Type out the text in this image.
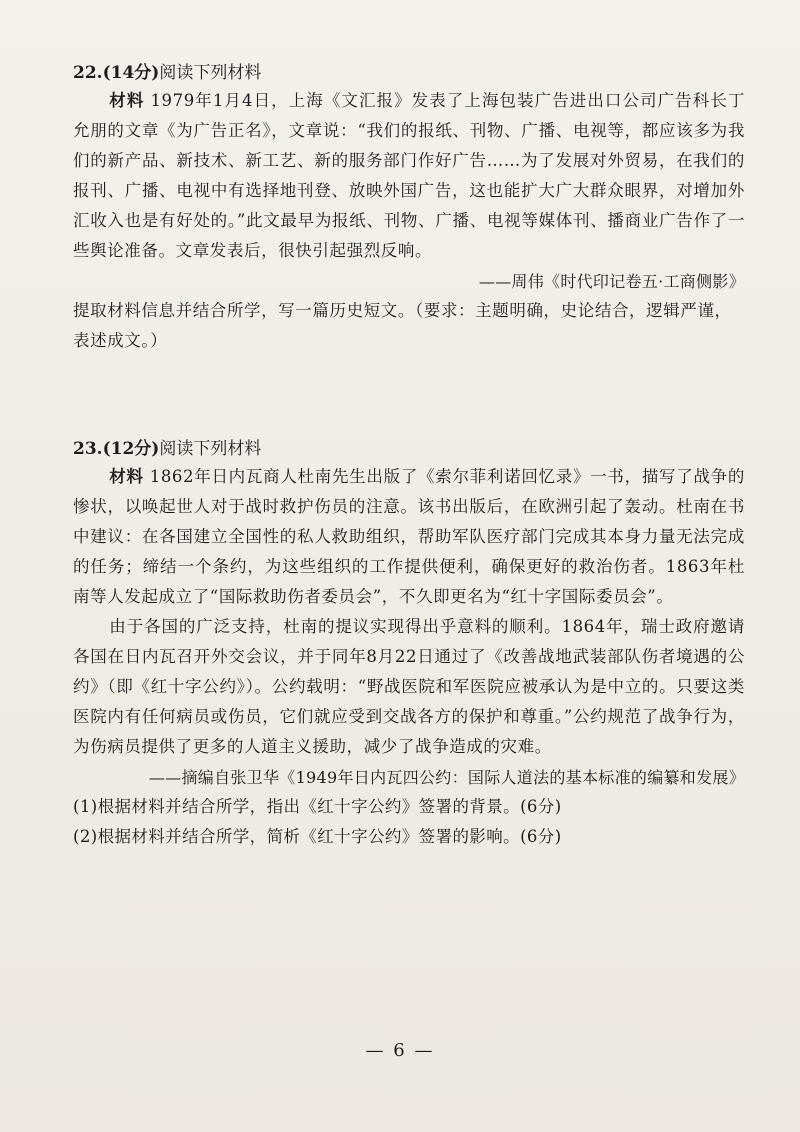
22.(14分)阅读下列材料

材料 1979年1月4日，上海《文汇报》发表了上海包装广告进出口公司广告科长丁允朋的文章《为广告正名》，文章说：“我们的报纸、刊物、广播、电视等，都应该多为我们的新产品、新技术、新工艺、新的服务部门作好广告……为了发展对外贸易，在我们的报刊、广播、电视中有选择地刊登、放映外国广告，这也能扩大广大群众眼界，对增加外汇收入也是有好处的。”此文最早为报纸、刊物、广播、电视等媒体刊、播商业广告作了一些舆论准备。文章发表后，很快引起强烈反响。

——周伟《时代印记卷五·工商侧影》

提取材料信息并结合所学，写一篇历史短文。（要求：主题明确，史论结合，逻辑严谨，表述成文。）

23.(12分)阅读下列材料

材料 1862年日内瓦商人杜南先生出版了《索尔菲利诺回忆录》一书，描写了战争的惨状，以唤起世人对于战时救护伤员的注意。该书出版后，在欧洲引起了轰动。杜南在书中建议：在各国建立全国性的私人救助组织，帮助军队医疗部门完成其本身力量无法完成的任务；缔结一个条约，为这些组织的工作提供便利，确保更好的救治伤者。1863年杜南等人发起成立了“国际救助伤者委员会”，不久即更名为“红十字国际委员会”。

由于各国的广泛支持，杜南的提议实现得出乎意料的顺利。1864年，瑞士政府邀请各国在日内瓦召开外交会议，并于同年8月22日通过了《改善战地武装部队伤者境遇的公约》（即《红十字公约》）。公约载明：“野战医院和军医院应被承认为是中立的。只要这类医院内有任何病员或伤员，它们就应受到交战各方的保护和尊重。”公约规范了战争行为，为伤病员提供了更多的人道主义援助，减少了战争造成的灾难。

——摘编自张卫华《1949年日内瓦四公约：国际人道法的基本标准的编纂和发展》

(1)根据材料并结合所学，指出《红十字公约》签署的背景。(6分)

(2)根据材料并结合所学，简析《红十字公约》签署的影响。(6分)

— 6 —
